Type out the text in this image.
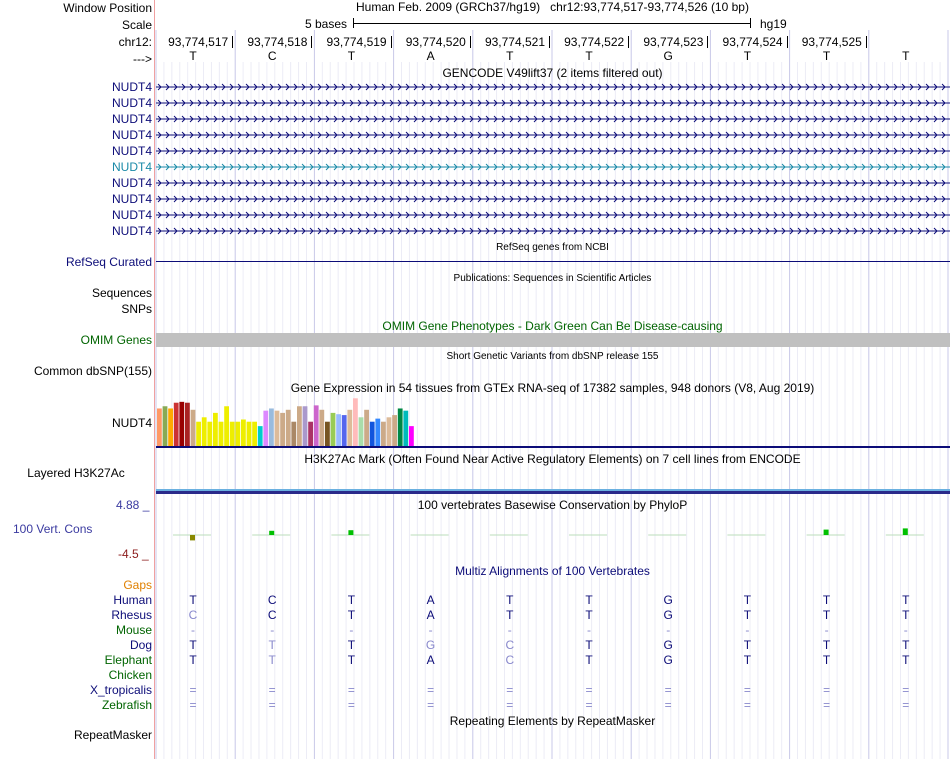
Window Position
Scale
chr12:
--->
Human Feb. 2009 (GRCh37/hg19) chr12:93,774,517-93,774,526 (10 bp)
5 bases	hg19
93,774,517	93,774,518	93,774,519	93,774,520	93,774,521	93,774,522	93,774,523	93,774,524	93,774,525
T	C	T	A	T	T	G	T	T	T
GENCODE V49lift37 (2 items filtered out)
NUDT4
NUDT4
NUDT4
NUDT4
NUDT4
NUDT4
NUDT4
NUDT4
NUDT4
NUDT4
RefSeq genes from NCBI
RefSeq Curated
Publications: Sequences in Scientific Articles
Sequences
SNPs
OMIM Gene Phenotypes - Dark Green Can Be Disease-causing
OMIM Genes
Short Genetic Variants from dbSNP release 155
Common dbSNP(155)
Gene Expression in 54 tissues from GTEx RNA-seq of 17382 samples, 948 donors (V8, Aug 2019)
NUDT4
H3K27Ac Mark (Often Found Near Active Regulatory Elements) on 7 cell lines from ENCODE
Layered H3K27Ac
100 vertebrates Basewise Conservation by PhyloP
4.88 _
100 Vert. Cons
-4.5 _
Multiz Alignments of 100 Vertebrates
Gaps
Human	T	C	T	A	T	T	G	T	T	T
Rhesus	C	C	T	A	T	T	G	T	T	T
Mouse	-	-	-	-	-	-	-	-	-	-
Dog	T	T	T	G	C	T	G	T	T	T
Elephant	T	T	T	A	C	T	G	T	T	T
Chicken
X_tropicalis	=	=	=	=	=	=	=	=	=	=
Zebrafish	=	=	=	=	=	=	=	=	=	=
Repeating Elements by RepeatMasker
RepeatMasker
